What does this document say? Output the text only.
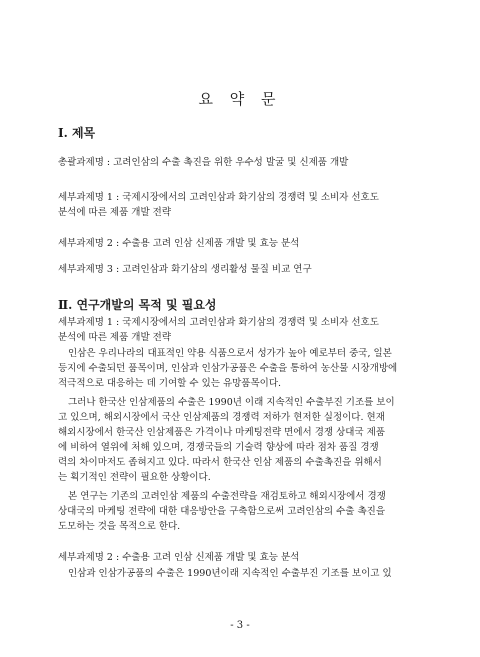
요 약 문
Ⅰ. 제목
총괄과제명 : 고려인삼의 수출 촉진을 위한 우수성 발굴 및 신제품 개발
세부과제명 1 : 국제시장에서의 고려인삼과 화기삼의 경쟁력 및 소비자 선호도
분석에 따른 제품 개발 전략
세부과제명 2 : 수출용 고려 인삼 신제품 개발 및 효능 분석
세부과제명 3 : 고려인삼과 화기삼의 생리활성 물질 비교 연구
Ⅱ. 연구개발의 목적 및 필요성
세부과제명 1 : 국제시장에서의 고려인삼과 화기삼의 경쟁력 및 소비자 선호도
분석에 따른 제품 개발 전략
인삼은 우리나라의 대표적인 약용 식품으로서 성가가 높아 예로부터 중국, 일본
등지에 수출되던 품목이며, 인삼과 인삼가공품은 수출을 통하여 농산물 시장개방에
적극적으로 대응하는 데 기여할 수 있는 유망품목이다.
그러나 한국산 인삼제품의 수출은 1990년 이래 지속적인 수출부진 기조를 보이
고 있으며, 해외시장에서 국산 인삼제품의 경쟁력 저하가 현저한 실정이다. 현재
해외시장에서 한국산 인삼제품은 가격이나 마케팅전략 면에서 경쟁 상대국 제품
에 비하여 열위에 처해 있으며, 경쟁국들의 기술력 향상에 따라 점차 품질 경쟁
력의 차이마저도 좁혀지고 있다. 따라서 한국산 인삼 제품의 수출촉진을 위해서
는 획기적인 전략이 필요한 상황이다.
본 연구는 기존의 고려인삼 제품의 수출전략을 재검토하고 해외시장에서 경쟁
상대국의 마케팅 전략에 대한 대응방안을 구축함으로써 고려인삼의 수출 촉진을
도모하는 것을 목적으로 한다.
세부과제명 2 : 수출용 고려 인삼 신제품 개발 및 효능 분석
인삼과 인삼가공품의 수출은 1990년이래 지속적인 수출부진 기조를 보이고 있
- 3 -
